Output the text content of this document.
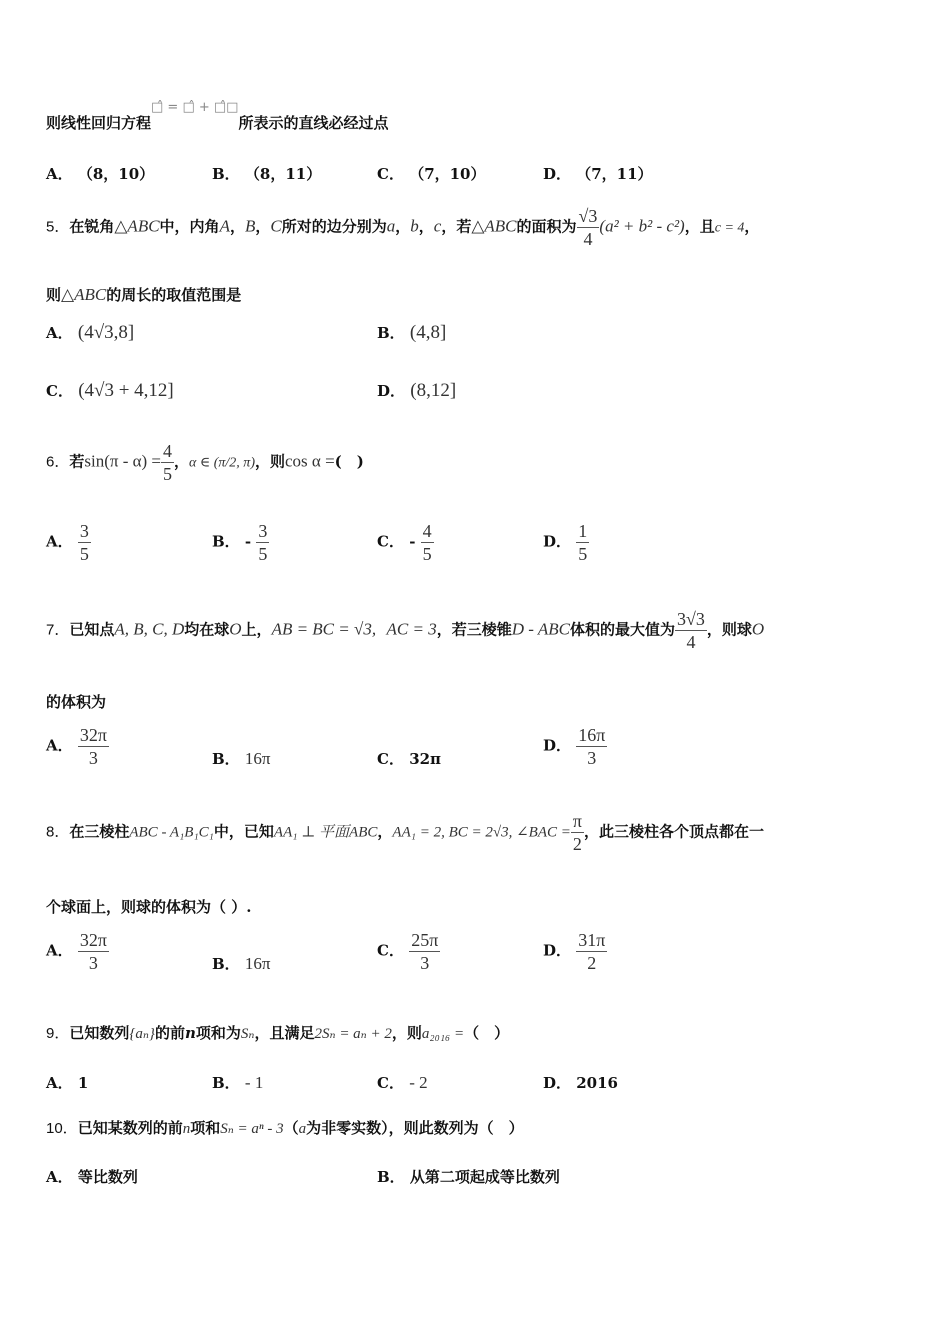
则线性回归方程□̂ = □̂ + □̂□所表示的直线必经过点
A． （8，10）	B． （8，11）	C． （7，10）	D． （7，11）
5．在锐角△ABC中，内角A，B，C所对的边分别为a，b，c，若△ABC的面积为 $\frac{√3}{4} (a^2 + b^2 - c^2)$，且c = 4，
则△ABC的周长的取值范围是
A． (4√3,8]	B． (4,8]
C． (4√3 + 4,12]	D． (8,12]
6．若$\sin(\pi - \alpha) = \frac{4}{5}$ ，α ∈ (π/2, π)，则cos α =(　)
A． $\frac{3}{5}$	B． - $\frac{3}{5}$	C． - $\frac{4}{5}$	D． $\frac{1}{5}$
7．已知点A, B, C, D均在球O上，AB = BC = √3, AC = 3，若三棱锥D - ABC体积的最大值为 $\frac{3√3}{4}$ ，则球O
的体积为
A． $\frac{32\pi}{3}$	B． 16π	C． 32π
D． $\frac{16\pi}{3}$
8．在三棱柱ABC - A₁B₁C₁中，已知AA₁ ⊥ 平面ABC，AA₁ = 2, BC = 2√3, ∠BAC = $\frac{\pi}{2}$ ，此三棱柱各个顶点都在一
个球面上，则球的体积为（ ）.
A． $\frac{32\pi}{3}$	B． 16π
C． $\frac{25\pi}{3}$	D． $\frac{31\pi}{2}$
9．已知数列{aₙ}的前n项和为Sₙ，且满足2Sₙ = aₙ + 2，则a₂₀₁₆ =（　）
A． 1	B． - 1	C． - 2	D． 2016
10．已知某数列的前n项和Sₙ = aⁿ - 3（a为非零实数），则此数列为（　）
A． 等比数列	B． 从第二项起成等比数列
